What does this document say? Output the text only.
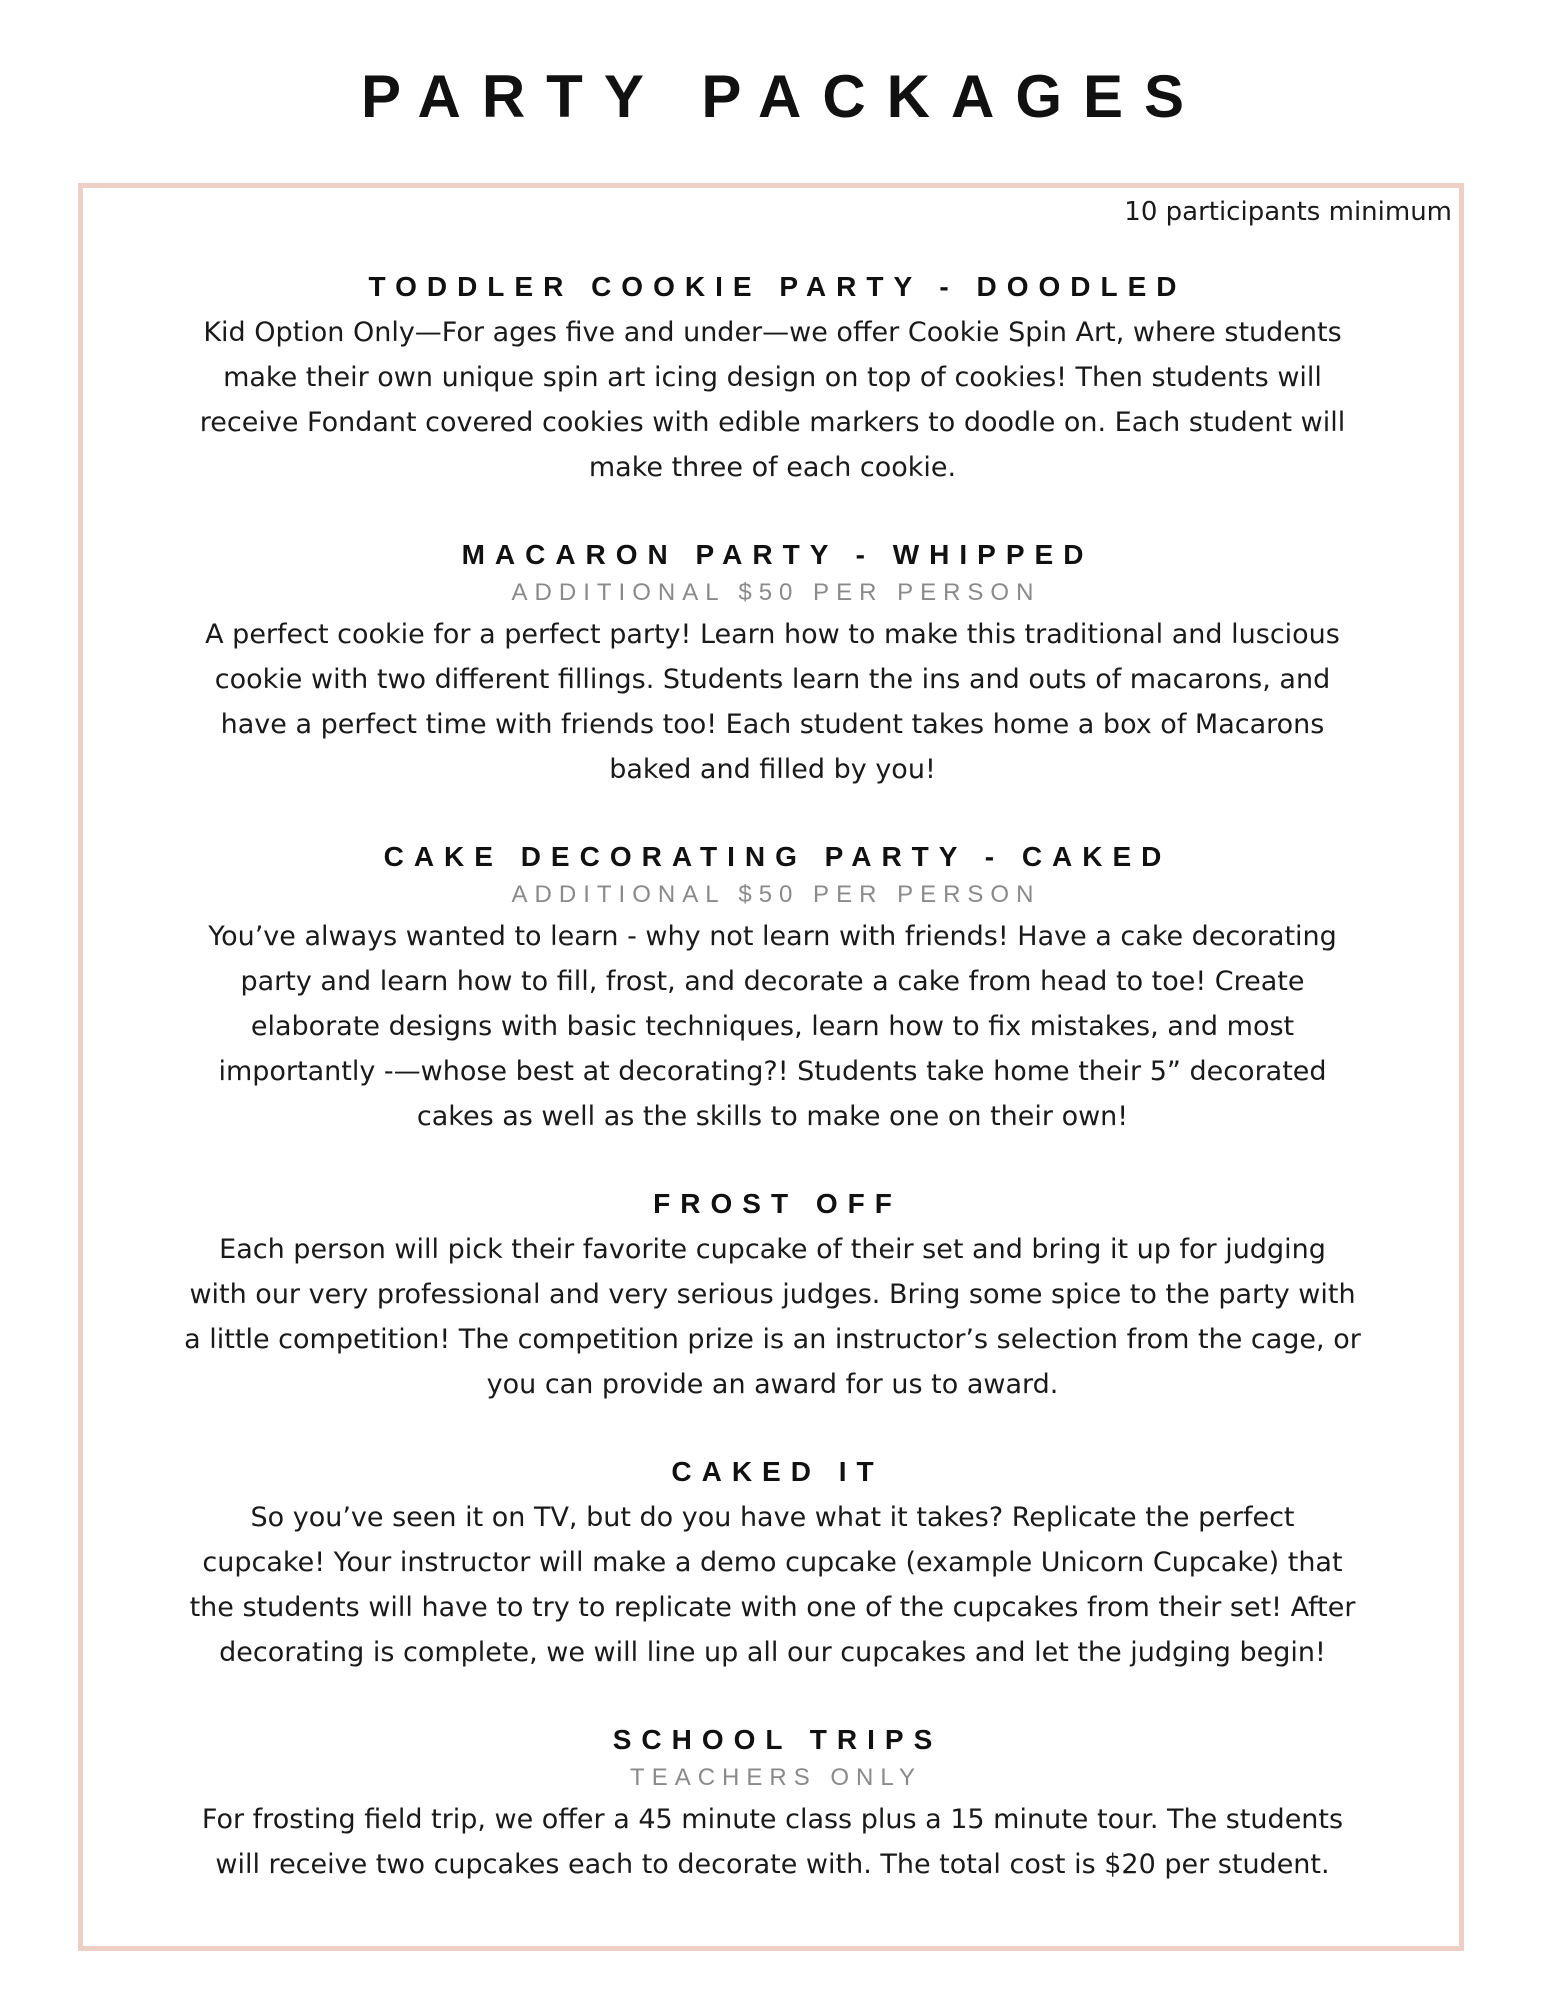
PARTY PACKAGES
10 participants minimum
TODDLER COOKIE PARTY - DOODLED

Kid Option Only—For ages five and under—we offer Cookie Spin Art, where students
make their own unique spin art icing design on top of cookies! Then students will
receive Fondant covered cookies with edible markers to doodle on. Each student will
make three of each cookie.

MACARON PARTY - WHIPPED
ADDITIONAL $50 PER PERSON

A perfect cookie for a perfect party! Learn how to make this traditional and luscious
cookie with two different fillings. Students learn the ins and outs of macarons, and
have a perfect time with friends too! Each student takes home a box of Macarons
baked and filled by you!

CAKE DECORATING PARTY - CAKED
ADDITIONAL $50 PER PERSON

You’ve always wanted to learn - why not learn with friends! Have a cake decorating
party and learn how to fill, frost, and decorate a cake from head to toe! Create
elaborate designs with basic techniques, learn how to fix mistakes, and most
importantly -—whose best at decorating?! Students take home their 5” decorated
cakes as well as the skills to make one on their own!

FROST OFF

Each person will pick their favorite cupcake of their set and bring it up for judging
with our very professional and very serious judges. Bring some spice to the party with
a little competition! The competition prize is an instructor’s selection from the cage, or
you can provide an award for us to award.

CAKED IT

So you’ve seen it on TV, but do you have what it takes? Replicate the perfect
cupcake! Your instructor will make a demo cupcake (example Unicorn Cupcake) that
the students will have to try to replicate with one of the cupcakes from their set! After
decorating is complete, we will line up all our cupcakes and let the judging begin!

SCHOOL TRIPS
TEACHERS ONLY

For frosting field trip, we offer a 45 minute class plus a 15 minute tour. The students
will receive two cupcakes each to decorate with. The total cost is $20 per student.
